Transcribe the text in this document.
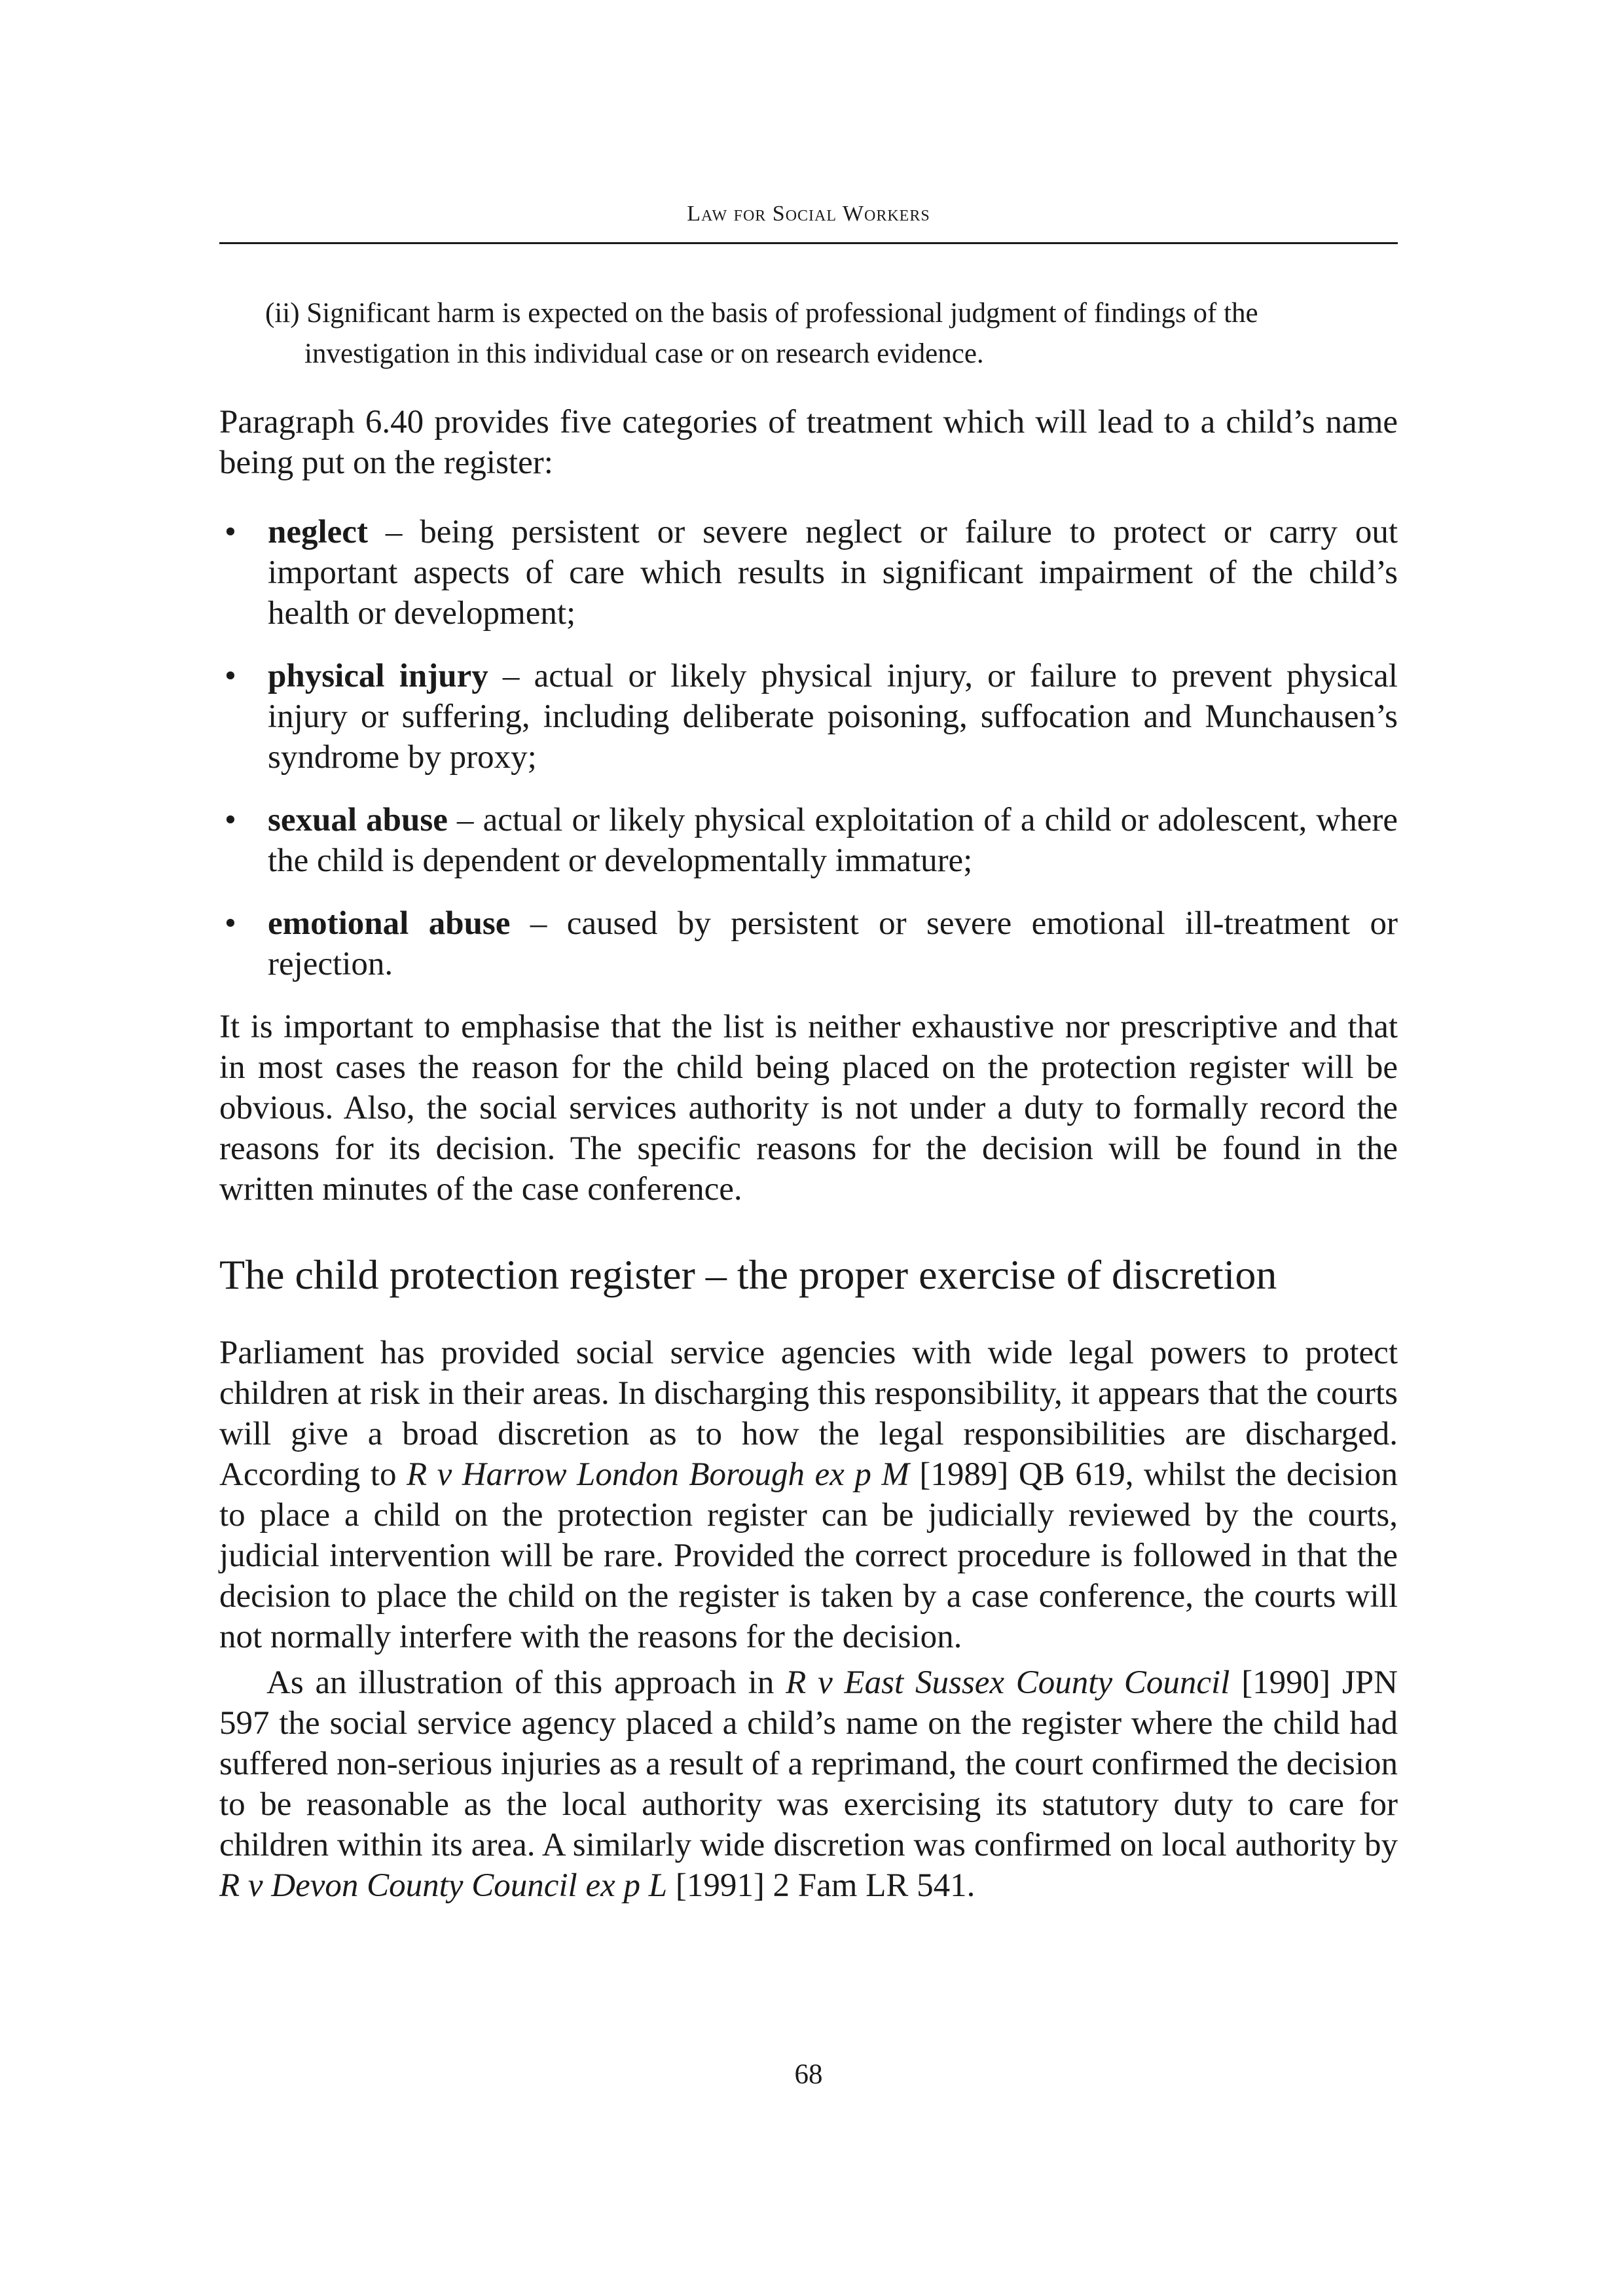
Law for Social Workers
(ii) Significant harm is expected on the basis of professional judgment of findings of the investigation in this individual case or on research evidence.

Paragraph 6.40 provides five categories of treatment which will lead to a child’s name being put on the register:

• neglect – being persistent or severe neglect or failure to protect or carry out important aspects of care which results in significant impairment of the child’s health or development;
• physical injury – actual or likely physical injury, or failure to prevent physical injury or suffering, including deliberate poisoning, suffocation and Munchausen’s syndrome by proxy;
• sexual abuse – actual or likely physical exploitation of a child or adolescent, where the child is dependent or developmentally immature;
• emotional abuse – caused by persistent or severe emotional ill-treatment or rejection.

It is important to emphasise that the list is neither exhaustive nor prescriptive and that in most cases the reason for the child being placed on the protection register will be obvious. Also, the social services authority is not under a duty to formally record the reasons for its decision. The specific reasons for the decision will be found in the written minutes of the case conference.

The child protection register – the proper exercise of discretion

Parliament has provided social service agencies with wide legal powers to protect children at risk in their areas. In discharging this responsibility, it appears that the courts will give a broad discretion as to how the legal responsibilities are discharged. According to R v Harrow London Borough ex p M [1989] QB 619, whilst the decision to place a child on the protection register can be judicially reviewed by the courts, judicial intervention will be rare. Provided the correct procedure is followed in that the decision to place the child on the register is taken by a case conference, the courts will not normally interfere with the reasons for the decision.

As an illustration of this approach in R v East Sussex County Council [1990] JPN 597 the social service agency placed a child’s name on the register where the child had suffered non-serious injuries as a result of a reprimand, the court confirmed the decision to be reasonable as the local authority was exercising its statutory duty to care for children within its area. A similarly wide discretion was confirmed on local authority by R v Devon County Council ex p L [1991] 2 Fam LR 541.

68
